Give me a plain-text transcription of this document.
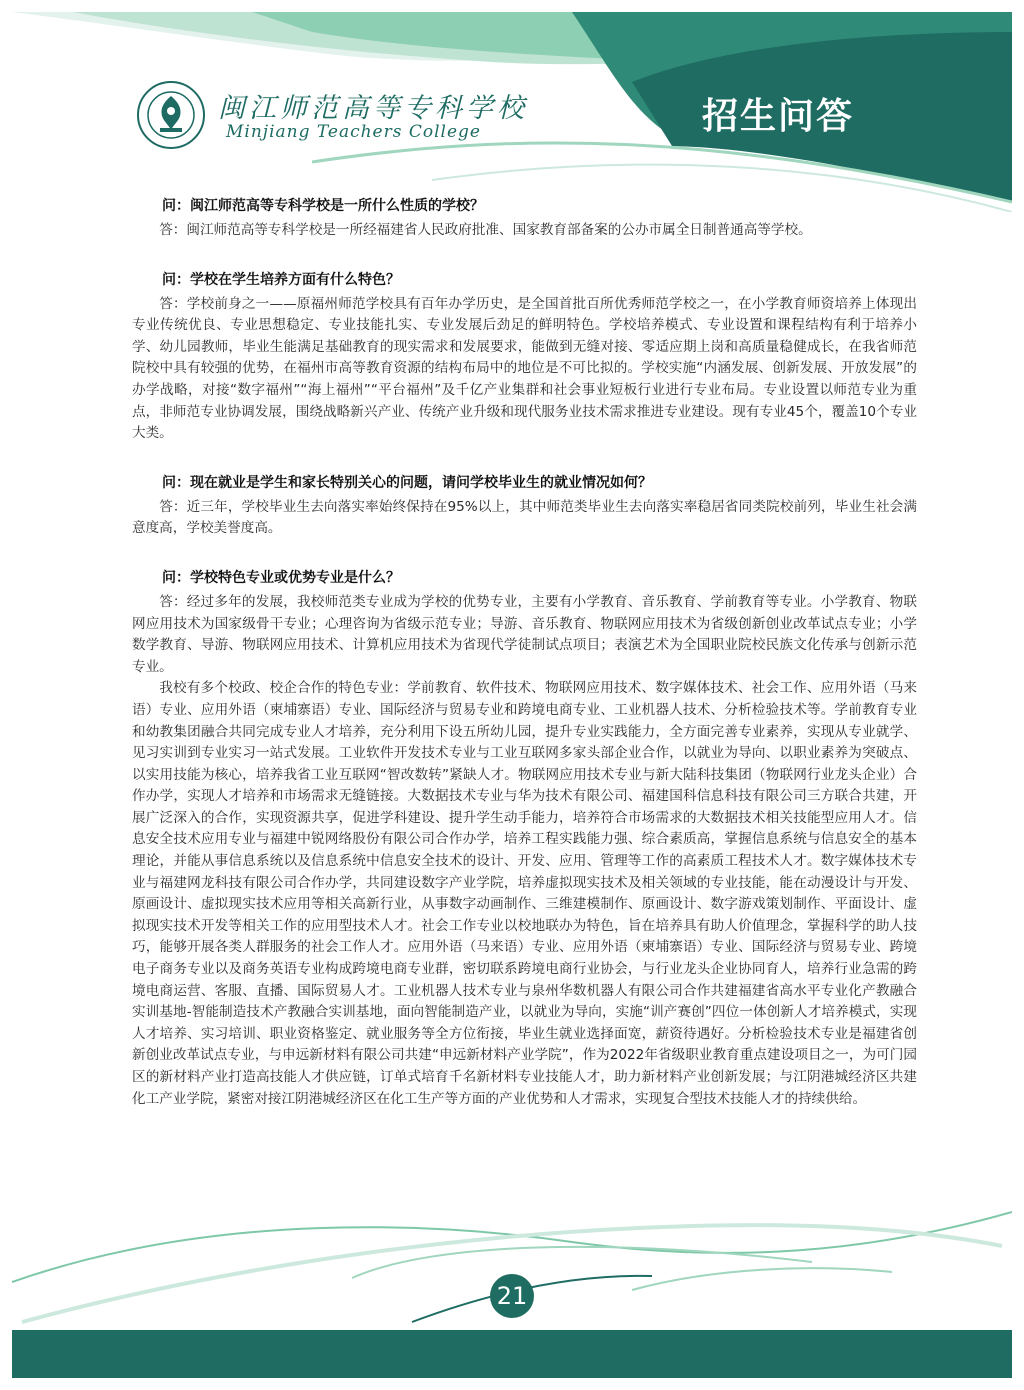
闽江师范高等专科学校
Minjiang Teachers College	招生问答

问：闽江师范高等专科学校是一所什么性质的学校？

答：闽江师范高等专科学校是一所经福建省人民政府批准、国家教育部备案的公办市属全日制普通高等学校。

问：学校在学生培养方面有什么特色？

答：学校前身之一——原福州师范学校具有百年办学历史，是全国首批百所优秀师范学校之一，在小学教育师资培养上体现出专业传统优良、专业思想稳定、专业技能扎实、专业发展后劲足的鲜明特色。学校培养模式、专业设置和课程结构有利于培养小学、幼儿园教师，毕业生能满足基础教育的现实需求和发展要求，能做到无缝对接、零适应期上岗和高质量稳健成长，在我省师范院校中具有较强的优势，在福州市高等教育资源的结构布局中的地位是不可比拟的。学校实施“内涵发展、创新发展、开放发展”的办学战略，对接“数字福州”“海上福州”“平台福州”及千亿产业集群和社会事业短板行业进行专业布局。专业设置以师范专业为重点，非师范专业协调发展，围绕战略新兴产业、传统产业升级和现代服务业技术需求推进专业建设。现有专业45个，覆盖10个专业大类。

问：现在就业是学生和家长特别关心的问题，请问学校毕业生的就业情况如何？

答：近三年，学校毕业生去向落实率始终保持在95%以上，其中师范类毕业生去向落实率稳居省同类院校前列，毕业生社会满意度高，学校美誉度高。

问：学校特色专业或优势专业是什么？

答：经过多年的发展，我校师范类专业成为学校的优势专业，主要有小学教育、音乐教育、学前教育等专业。小学教育、物联网应用技术为国家级骨干专业；心理咨询为省级示范专业；导游、音乐教育、物联网应用技术为省级创新创业改革试点专业；小学数学教育、导游、物联网应用技术、计算机应用技术为省现代学徒制试点项目；表演艺术为全国职业院校民族文化传承与创新示范专业。

我校有多个校政、校企合作的特色专业：学前教育、软件技术、物联网应用技术、数字媒体技术、社会工作、应用外语（马来语）专业、应用外语（柬埔寨语）专业、国际经济与贸易专业和跨境电商专业、工业机器人技术、分析检验技术等。学前教育专业和幼教集团融合共同完成专业人才培养，充分利用下设五所幼儿园，提升专业实践能力，全方面完善专业素养，实现从专业就学、见习实训到专业实习一站式发展。工业软件开发技术专业与工业互联网多家头部企业合作，以就业为导向、以职业素养为突破点、以实用技能为核心，培养我省工业互联网“智改数转”紧缺人才。物联网应用技术专业与新大陆科技集团（物联网行业龙头企业）合作办学，实现人才培养和市场需求无缝链接。大数据技术专业与华为技术有限公司、福建国科信息科技有限公司三方联合共建，开展广泛深入的合作，实现资源共享，促进学科建设、提升学生动手能力，培养符合市场需求的大数据技术相关技能型应用人才。信息安全技术应用专业与福建中锐网络股份有限公司合作办学，培养工程实践能力强、综合素质高，掌握信息系统与信息安全的基本理论，并能从事信息系统以及信息系统中信息安全技术的设计、开发、应用、管理等工作的高素质工程技术人才。数字媒体技术专业与福建网龙科技有限公司合作办学，共同建设数字产业学院，培养虚拟现实技术及相关领域的专业技能，能在动漫设计与开发、原画设计、虚拟现实技术应用等相关高新行业，从事数字动画制作、三维建模制作、原画设计、数字游戏策划制作、平面设计、虚拟现实技术开发等相关工作的应用型技术人才。社会工作专业以校地联办为特色，旨在培养具有助人价值理念，掌握科学的助人技巧，能够开展各类人群服务的社会工作人才。应用外语（马来语）专业、应用外语（柬埔寨语）专业、国际经济与贸易专业、跨境电子商务专业以及商务英语专业构成跨境电商专业群，密切联系跨境电商行业协会，与行业龙头企业协同育人，培养行业急需的跨境电商运营、客服、直播、国际贸易人才。工业机器人技术专业与泉州华数机器人有限公司合作共建福建省高水平专业化产教融合实训基地-智能制造技术产教融合实训基地，面向智能制造产业，以就业为导向，实施“训产赛创”四位一体创新人才培养模式，实现人才培养、实习培训、职业资格鉴定、就业服务等全方位衔接，毕业生就业选择面宽，薪资待遇好。分析检验技术专业是福建省创新创业改革试点专业，与申远新材料有限公司共建“申远新材料产业学院”，作为2022年省级职业教育重点建设项目之一，为可门园区的新材料产业打造高技能人才供应链，订单式培育千名新材料专业技能人才，助力新材料产业创新发展；与江阴港城经济区共建化工产业学院，紧密对接江阴港城经济区在化工生产等方面的产业优势和人才需求，实现复合型技术技能人才的持续供给。

21
